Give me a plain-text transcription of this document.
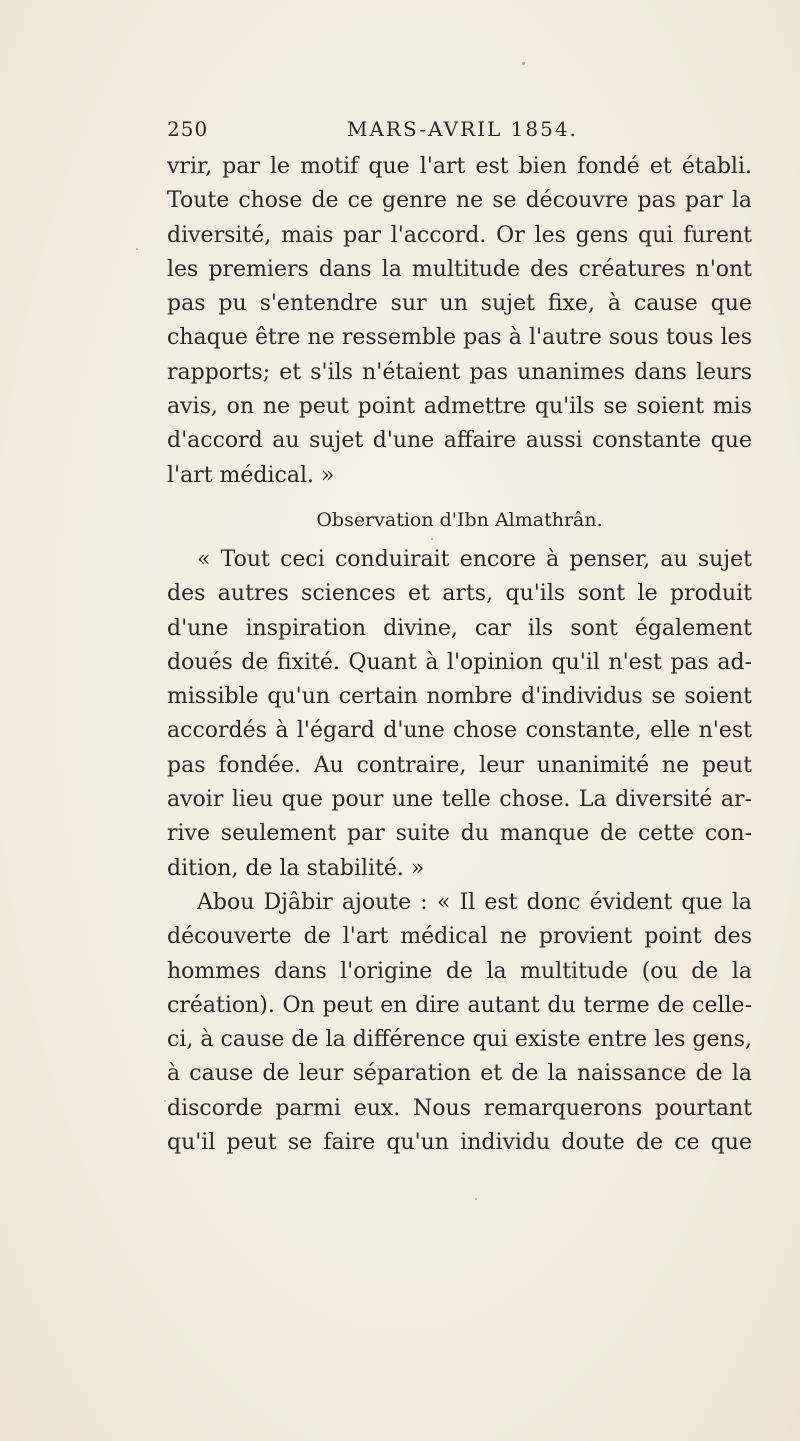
250	MARS-AVRIL 1854.
vrir, par le motif que l'art est bien fondé et établi.
Toute chose de ce genre ne se découvre pas par la
diversité, mais par l'accord. Or les gens qui furent
les premiers dans la multitude des créatures n'ont
pas pu s'entendre sur un sujet fixe, à cause que
chaque être ne ressemble pas à l'autre sous tous les
rapports; et s'ils n'étaient pas unanimes dans leurs
avis, on ne peut point admettre qu'ils se soient mis
d'accord au sujet d'une affaire aussi constante que
l'art médical. »
Observation d'Ibn Almathrân.
« Tout ceci conduirait encore à penser, au sujet
des autres sciences et arts, qu'ils sont le produit
d'une inspiration divine, car ils sont également
doués de fixité. Quant à l'opinion qu'il n'est pas ad-
missible qu'un certain nombre d'individus se soient
accordés à l'égard d'une chose constante, elle n'est
pas fondée. Au contraire, leur unanimité ne peut
avoir lieu que pour une telle chose. La diversité ar-
rive seulement par suite du manque de cette con-
dition, de la stabilité. »
Abou Djâbir ajoute : « Il est donc évident que la
découverte de l'art médical ne provient point des
hommes dans l'origine de la multitude (ou de la
création). On peut en dire autant du terme de celle-
ci, à cause de la différence qui existe entre les gens,
à cause de leur séparation et de la naissance de la
discorde parmi eux. Nous remarquerons pourtant
qu'il peut se faire qu'un individu doute de ce que
